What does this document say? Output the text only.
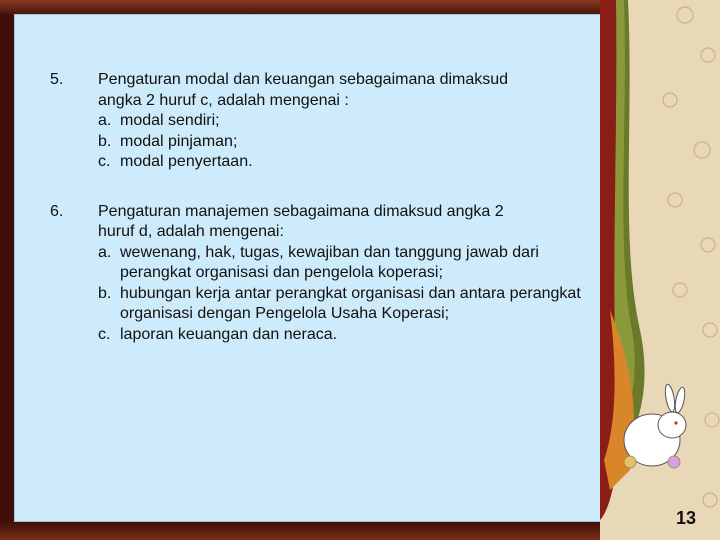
5.	Pengaturan modal dan keuangan sebagaimana dimaksud
angka 2 huruf c, adalah mengenai :
a. modal sendiri;
b. modal pinjaman;
c. modal penyertaan.
6.	Pengaturan manajemen sebagaimana dimaksud angka 2
huruf d, adalah mengenai:
a. wewenang, hak, tugas, kewajiban dan tanggung jawab dari perangkat organisasi dan pengelola koperasi;
b. hubungan kerja antar perangkat organisasi dan antara perangkat organisasi dengan Pengelola Usaha Koperasi;
c. laporan keuangan dan neraca.
13
